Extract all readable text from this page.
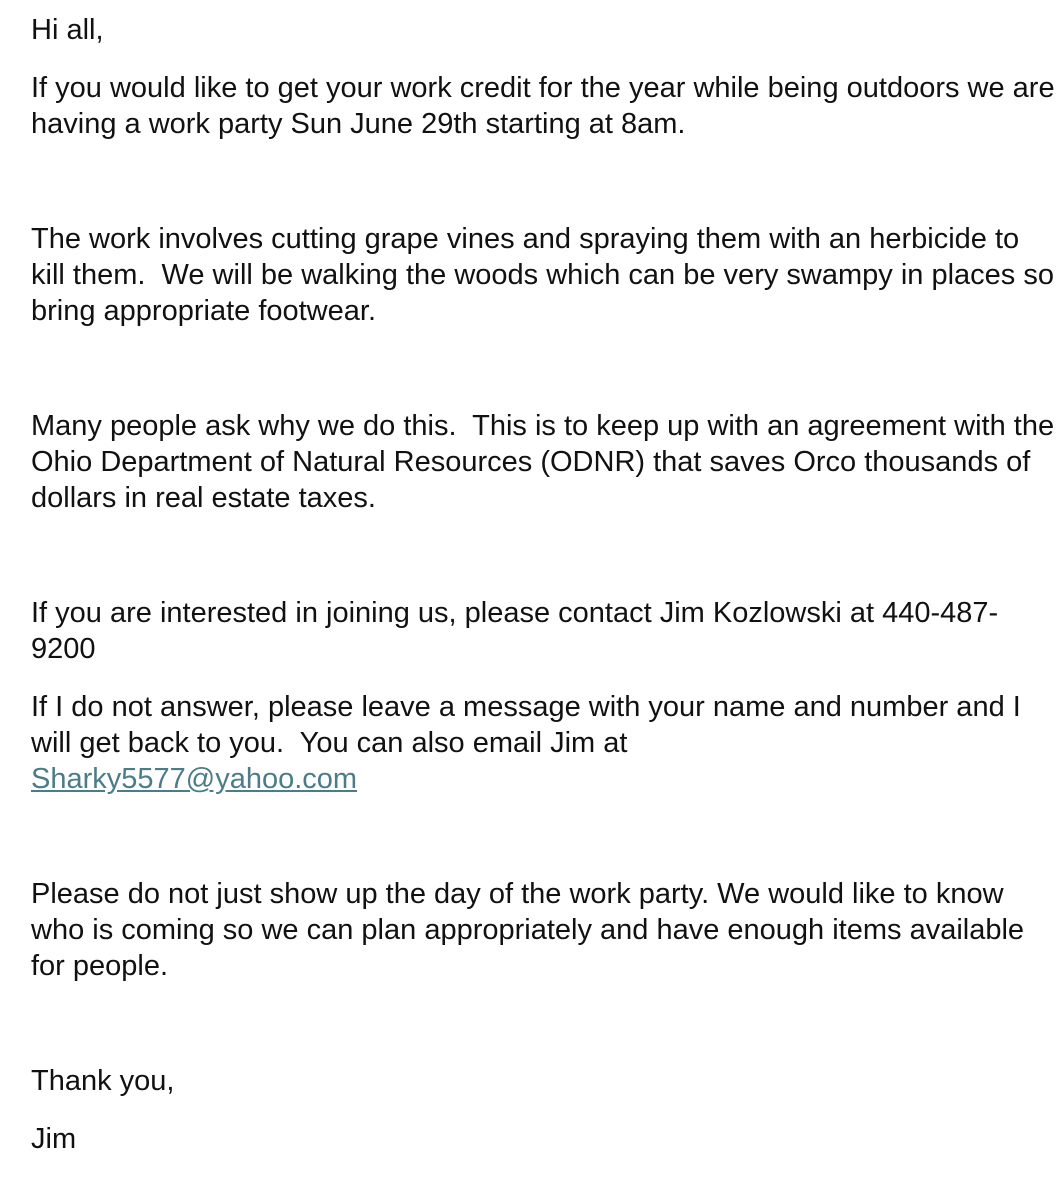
Hi all,

If you would like to get your work credit for the year while being outdoors we are having a work party Sun June 29th starting at 8am.

The work involves cutting grape vines and spraying them with an herbicide to kill them.  We will be walking the woods which can be very swampy in places so bring appropriate footwear.

Many people ask why we do this.  This is to keep up with an agreement with the Ohio Department of Natural Resources (ODNR) that saves Orco thousands of dollars in real estate taxes.

If you are interested in joining us, please contact Jim Kozlowski at 440-487-9200

If I do not answer, please leave a message with your name and number and I will get back to you.  You can also email Jim at
Sharky5577@yahoo.com

Please do not just show up the day of the work party. We would like to know who is coming so we can plan appropriately and have enough items available for people.

Thank you,

Jim
